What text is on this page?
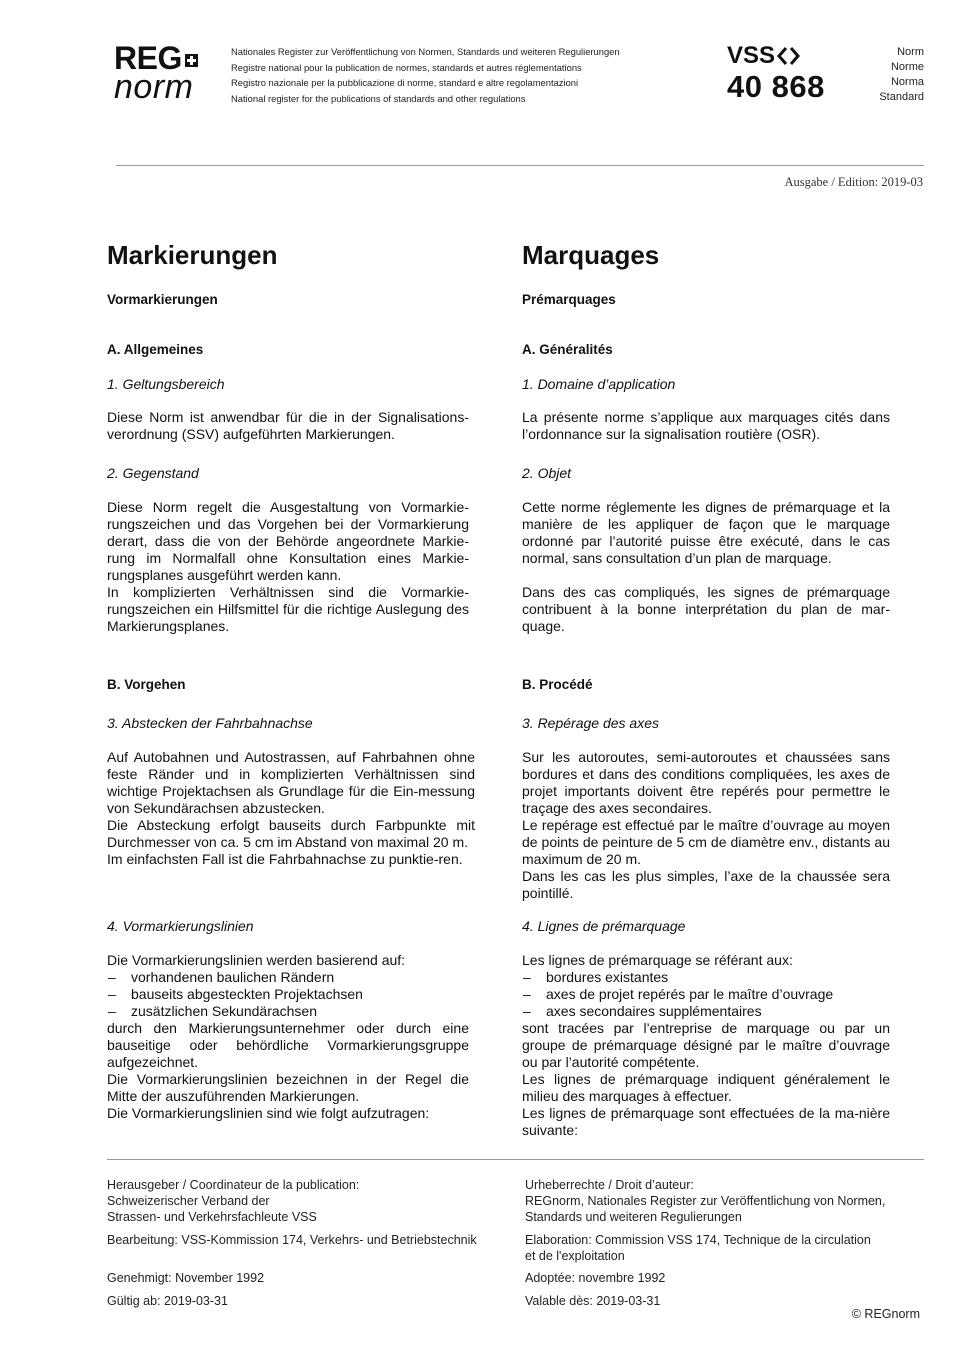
REG
norm
Nationales Register zur Veröffentlichung von Normen, Standards und weiteren Regulierungen
Registre national pour la publication de normes, standards et autres réglementations
Registro nazionale per la pubblicazione di norme, standard e altre regolamentazioni
National register for the publications of standards and other regulations
VSS
40 868
Norm
Norme
Norma
Standard
Ausgabe / Edition: 2019-03
Markierungen
Vormarkierungen
A. Allgemeines
1. Geltungsbereich
Diese Norm ist anwendbar für die in der Signalisations-verordnung (SSV) aufgeführten Markierungen.
2. Gegenstand
Diese Norm regelt die Ausgestaltung von Vormarkie-rungszeichen und das Vorgehen bei der Vormarkierung derart, dass die von der Behörde angeordnete Markie-rung im Normalfall ohne Konsultation eines Markie-rungsplanes ausgeführt werden kann.
In komplizierten Verhältnissen sind die Vormarkie-rungszeichen ein Hilfsmittel für die richtige Auslegung des Markierungsplanes.
B. Vorgehen
3. Abstecken der Fahrbahnachse
Auf Autobahnen und Autostrassen, auf Fahrbahnen ohne feste Ränder und in komplizierten Verhältnissen sind wichtige Projektachsen als Grundlage für die Ein-messung von Sekundärachsen abzustecken.
Die Absteckung erfolgt bauseits durch Farbpunkte mit Durchmesser von ca. 5 cm im Abstand von maximal 20 m.
Im einfachsten Fall ist die Fahrbahnachse zu punktie-ren.
4. Vormarkierungslinien
Die Vormarkierungslinien werden basierend auf:
–	vorhandenen baulichen Rändern
–	bauseits abgesteckten Projektachsen
–	zusätzlichen Sekundärachsen
durch den Markierungsunternehmer oder durch eine bauseitige oder behördliche Vormarkierungsgruppe aufgezeichnet.
Die Vormarkierungslinien bezeichnen in der Regel die Mitte der auszuführenden Markierungen.
Die Vormarkierungslinien sind wie folgt aufzutragen:
Marquages
Prémarquages
A. Généralités
1. Domaine d’application
La présente norme s’applique aux marquages cités dans l’ordonnance sur la signalisation routière (OSR).
2. Objet
Cette norme réglemente les dignes de prémarquage et la manière de les appliquer de façon que le marquage ordonné par l’autorité puisse être exécuté, dans le cas normal, sans consultation d’un plan de marquage.
Dans des cas compliqués, les signes de prémarquage contribuent à la bonne interprétation du plan de mar-quage.
B. Procédé
3. Repérage des axes
Sur les autoroutes, semi-autoroutes et chaussées sans bordures et dans des conditions compliquées, les axes de projet importants doivent être repérés pour permettre le traçage des axes secondaires.
Le repérage est effectué par le maître d’ouvrage au moyen de points de peinture de 5 cm de diamètre env., distants au maximum de 20 m.
Dans les cas les plus simples, l’axe de la chaussée sera pointillé.
4. Lignes de prémarquage
Les lignes de prémarquage se référant aux:
–	bordures existantes
–	axes de projet repérés par le maître d’ouvrage
–	axes secondaires supplémentaires
sont tracées par l’entreprise de marquage ou par un groupe de prémarquage désigné par le maître d’ouvrage ou par l’autorité compétente.
Les lignes de prémarquage indiquent généralement le milieu des marquages à effectuer.
Les lignes de prémarquage sont effectuées de la ma-nière suivante:
Herausgeber / Coordinateur de la publication:
Schweizerischer Verband der
Strassen- und Verkehrsfachleute VSS
Bearbeitung: VSS-Kommission 174, Verkehrs- und Betriebstechnik
Genehmigt: November 1992
Gültig ab: 2019-03-31
Urheberrechte / Droit d’auteur:
REGnorm, Nationales Register zur Veröffentlichung von Normen,
Standards und weiteren Regulierungen
Elaboration: Commission VSS 174, Technique de la circulation
et de l'exploitation
Adoptée: novembre 1992
Valable dès: 2019-03-31
© REGnorm
